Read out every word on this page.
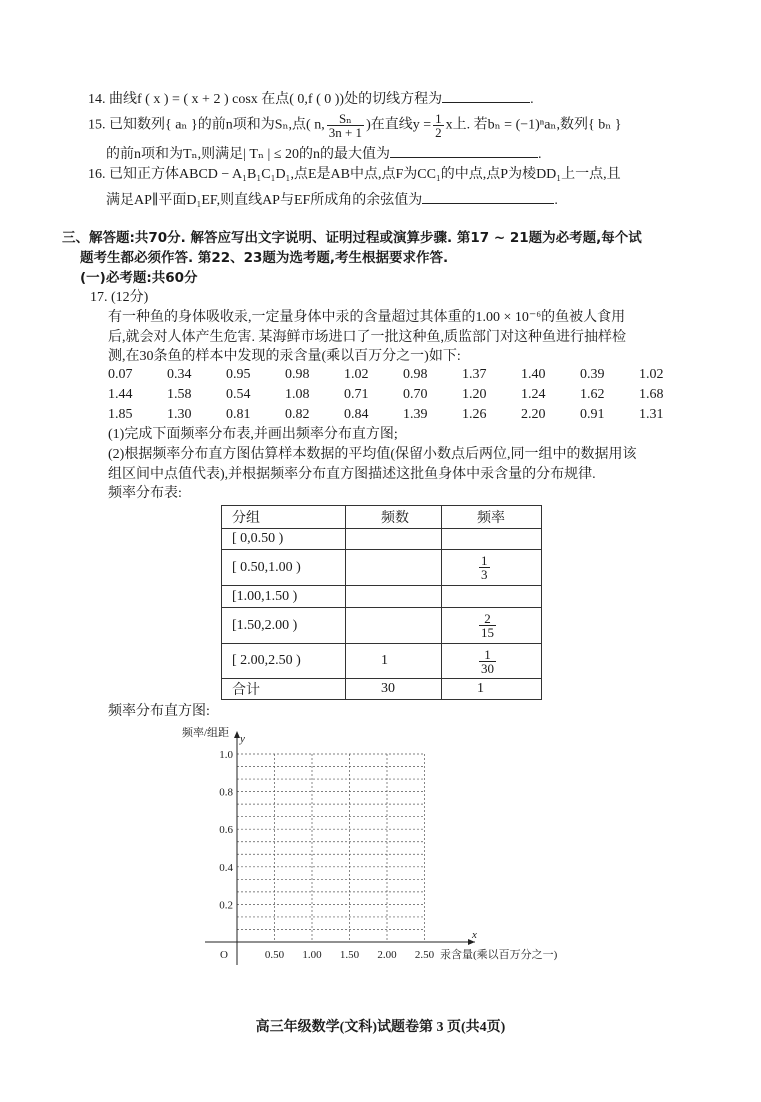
14. 曲线f ( x ) = ( x + 2 ) cosx 在点( 0,f ( 0 ))处的切线方程为	.
15. 已知数列{ aₙ }的前n项和为Sₙ,点( n, $\frac{\text{Sₙ}}{3n + 1}$ )在直线$y = \frac{1}{2}$ x上. 若bₙ = (−1)ⁿaₙ,数列{ bₙ }
的前n项和为Tₙ,则满足| Tₙ | ≤ 20的n的最大值为	.
16. 已知正方体ABCD − A₁B₁C₁D₁,点E是AB中点,点F为CC₁的中点,点P为棱DD₁上一点,且
满足AP∥平面D₁EF,则直线AP与EF所成角的余弦值为	.
三、解答题:共70分. 解答应写出文字说明、证明过程或演算步骤. 第17 ~ 21题为必考题,每个试
题考生都必须作答. 第22、23题为选考题,考生根据要求作答.
(一)必考题:共60分
17. (12分)
有一种鱼的身体吸收汞,一定量身体中汞的含量超过其体重的1.00 × 10⁻⁶的鱼被人食用
后,就会对人体产生危害. 某海鲜市场进口了一批这种鱼,质监部门对这种鱼进行抽样检
测,在30条鱼的样本中发现的汞含量(乘以百万分之一)如下:
0.07	0.34	0.95	0.98	1.02	0.98	1.37	1.40	0.39	1.02
1.44	1.58	0.54	1.08	0.71	0.70	1.20	1.24	1.62	1.68
1.85	1.30	0.81	0.82	0.84	1.39	1.26	2.20	0.91	1.31
(1)完成下面频率分布表,并画出频率分布直方图;
(2)根据频率分布直方图估算样本数据的平均值(保留小数点后两位,同一组中的数据用该
组区间中点值代表),并根据频率分布直方图描述这批鱼身体中汞含量的分布规律.
频率分布表:
分组	频数	频率
[ 0,0.50 )		
[ 0.50,1.00 )		$\frac{1}{3}$

[1.00,1.50 )		
[1.50,2.00 )		$\frac{2}{15}$

[ 2.00,2.50 )	1	$\frac{1}{30}$

合计	30	1
频率分布直方图:
0.50 1.00 1.50 2.00 2.50
0.2
0.4
0.6
0.8
1.0
O
y
x
频率/组距
汞含量(乘以百万分之一)
高三年级数学(文科)试题卷第 3 页(共4页)
